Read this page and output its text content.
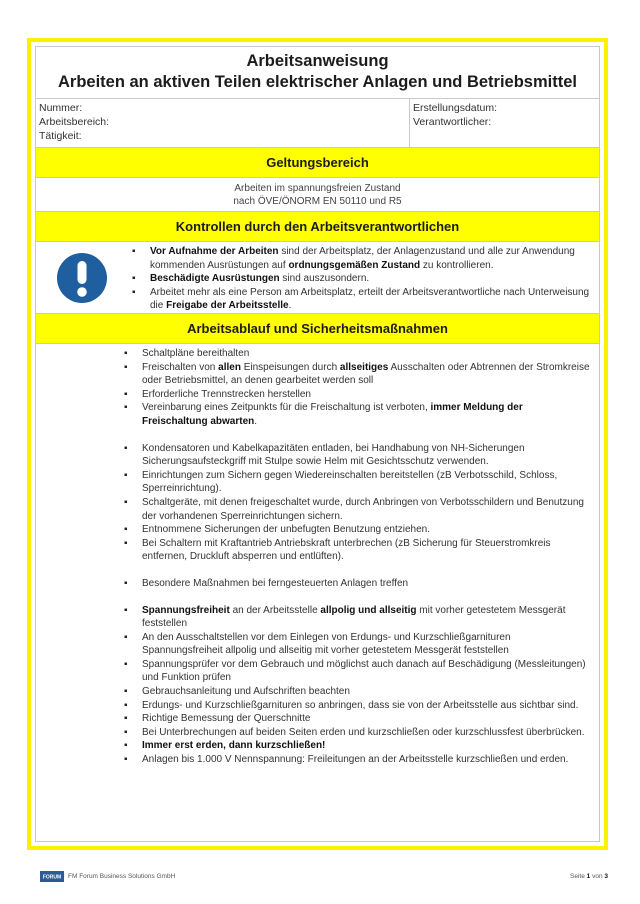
Arbeitsanweisung
Arbeiten an aktiven Teilen elektrischer Anlagen und Betriebsmittel
Nummer:
Arbeitsbereich:
Tätigkeit:
Erstellungsdatum:
Verantwortlicher:
Geltungsbereich
Arbeiten im spannungsfreien Zustand
nach ÖVE/ÖNORM EN 50110 und R5
Kontrollen durch den Arbeitsverantwortlichen
▪ Vor Aufnahme der Arbeiten sind der Arbeitsplatz, der Anlagenzustand und alle zur Anwendung kommenden Ausrüstungen auf ordnungsgemäßen Zustand zu kontrollieren.
▪ Beschädigte Ausrüstungen sind auszusondern.
▪ Arbeitet mehr als eine Person am Arbeitsplatz, erteilt der Arbeitsverantwortliche nach Unterweisung die Freigabe der Arbeitsstelle.
Arbeitsablauf und Sicherheitsmaßnahmen
▪ Schaltpläne bereithalten
▪ Freischalten von allen Einspeisungen durch allseitiges Ausschalten oder Abtrennen der Stromkreise oder Betriebsmittel, an denen gearbeitet werden soll
▪ Erforderliche Trennstrecken herstellen
▪ Vereinbarung eines Zeitpunkts für die Freischaltung ist verboten, immer Meldung der Freischaltung abwarten.
▪ Kondensatoren und Kabelkapazitäten entladen, bei Handhabung von NH-Sicherungen Sicherungsaufsteckgriff mit Stulpe sowie Helm mit Gesichtsschutz verwenden.
▪ Einrichtungen zum Sichern gegen Wiedereinschalten bereitstellen (zB Verbotsschild, Schloss, Sperreinrichtung).
▪ Schaltgeräte, mit denen freigeschaltet wurde, durch Anbringen von Verbotsschildern und Benutzung der vorhandenen Sperreinrichtungen sichern.
▪ Entnommene Sicherungen der unbefugten Benutzung entziehen.
▪ Bei Schaltern mit Kraftantrieb Antriebskraft unterbrechen (zB Sicherung für Steuerstromkreis entfernen, Druckluft absperren und entlüften).
▪ Besondere Maßnahmen bei ferngesteuerten Anlagen treffen
▪ Spannungsfreiheit an der Arbeitsstelle allpolig und allseitig mit vorher getestetem Messgerät feststellen
▪ An den Ausschaltstellen vor dem Einlegen von Erdungs- und Kurzschließgarnituren Spannungsfreiheit allpolig und allseitig mit vorher getestetem Messgerät feststellen
▪ Spannungsprüfer vor dem Gebrauch und möglichst auch danach auf Beschädigung (Messleitungen) und Funktion prüfen
▪ Gebrauchsanleitung und Aufschriften beachten
▪ Erdungs- und Kurzschließgarnituren so anbringen, dass sie von der Arbeitsstelle aus sichtbar sind.
▪ Richtige Bemessung der Querschnitte
▪ Bei Unterbrechungen auf beiden Seiten erden und kurzschließen oder kurzschlussfest überbrücken.
▪ Immer erst erden, dann kurzschließen!
▪ Anlagen bis 1.000 V Nennspannung: Freileitungen an der Arbeitsstelle kurzschließen und erden.
FORUM FM Forum Business Solutions GmbH	Seite 1 von 3
